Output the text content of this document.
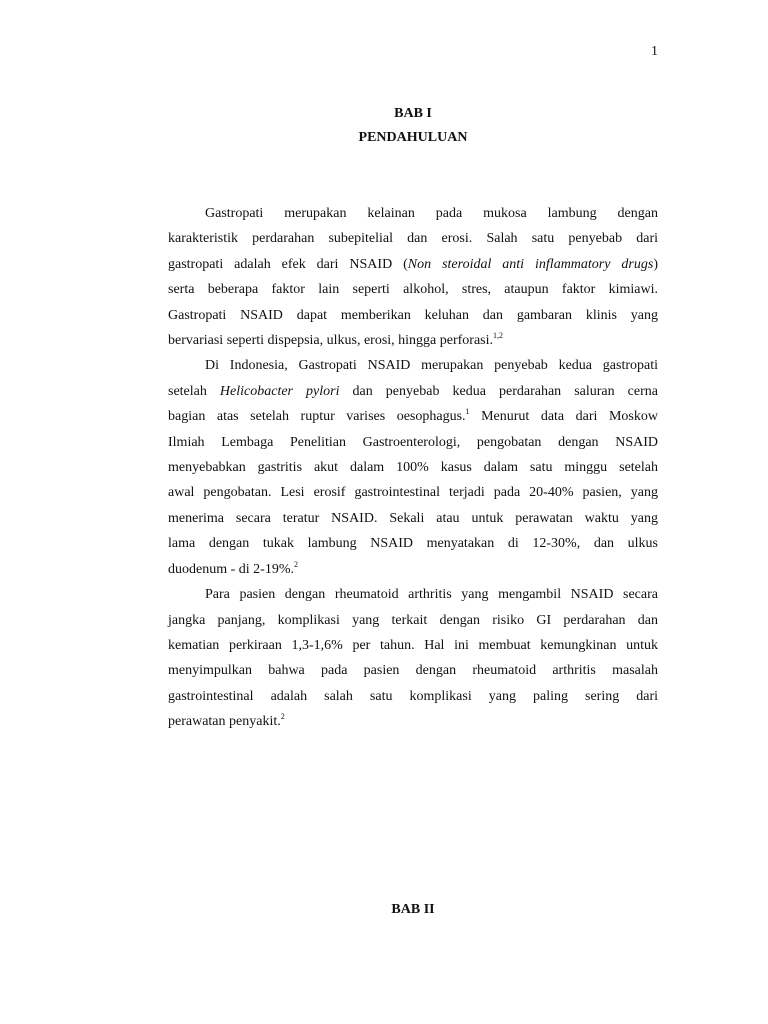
1
BAB I
PENDAHULUAN

Gastropati merupakan kelainan pada mukosa lambung dengan
karakteristik perdarahan subepitelial dan erosi. Salah satu penyebab dari
gastropati adalah efek dari NSAID (Non steroidal anti inflammatory drugs)
serta beberapa faktor lain seperti alkohol, stres, ataupun faktor kimiawi.
Gastropati NSAID dapat memberikan keluhan dan gambaran klinis yang
bervariasi seperti dispepsia, ulkus, erosi, hingga perforasi.$^{1,2}$

Di Indonesia, Gastropati NSAID merupakan penyebab kedua gastropati
setelah Helicobacter pylori dan penyebab kedua perdarahan saluran cerna
bagian atas setelah ruptur varises oesophagus.$^1$ Menurut data dari Moskow
Ilmiah Lembaga Penelitian Gastroenterologi, pengobatan dengan NSAID
menyebabkan gastritis akut dalam 100% kasus dalam satu minggu setelah
awal pengobatan. Lesi erosif gastrointestinal terjadi pada 20-40% pasien, yang
menerima secara teratur NSAID. Sekali atau untuk perawatan waktu yang
lama dengan tukak lambung NSAID menyatakan di 12-30%, dan ulkus
duodenum - di 2-19%.$^2$

Para pasien dengan rheumatoid arthritis yang mengambil NSAID secara
jangka panjang, komplikasi yang terkait dengan risiko GI perdarahan dan
kematian perkiraan 1,3-1,6% per tahun. Hal ini membuat kemungkinan untuk
menyimpulkan bahwa pada pasien dengan rheumatoid arthritis masalah
gastrointestinal adalah salah satu komplikasi yang paling sering dari
perawatan penyakit.$^2$

BAB II
